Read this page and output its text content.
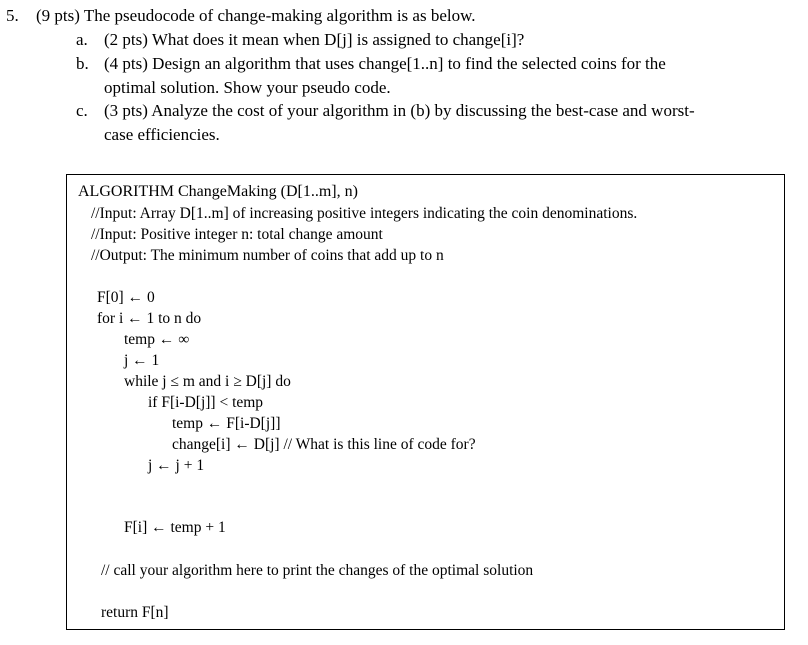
5. (9 pts) The pseudocode of change-making algorithm is as below.
a. (2 pts) What does it mean when D[j] is assigned to change[i]?
b. (4 pts) Design an algorithm that uses change[1..n] to find the selected coins for the
optimal solution. Show your pseudo code.
c. (3 pts) Analyze the cost of your algorithm in (b) by discussing the best-case and worst-
case efficiencies.
ALGORITHM ChangeMaking (D[1..m], n)
//Input: Array D[1..m] of increasing positive integers indicating the coin denominations.
//Input: Positive integer n: total change amount
//Output: The minimum number of coins that add up to n
F[0] ← 0
for i ← 1 to n do
temp ← ∞
j ← 1
while j ≤ m and i ≥ D[j] do
if F[i-D[j]] < temp
temp ← F[i-D[j]]
change[i] ← D[j] // What is this line of code for?
j ← j + 1
F[i] ← temp + 1
// call your algorithm here to print the changes of the optimal solution
return F[n]
